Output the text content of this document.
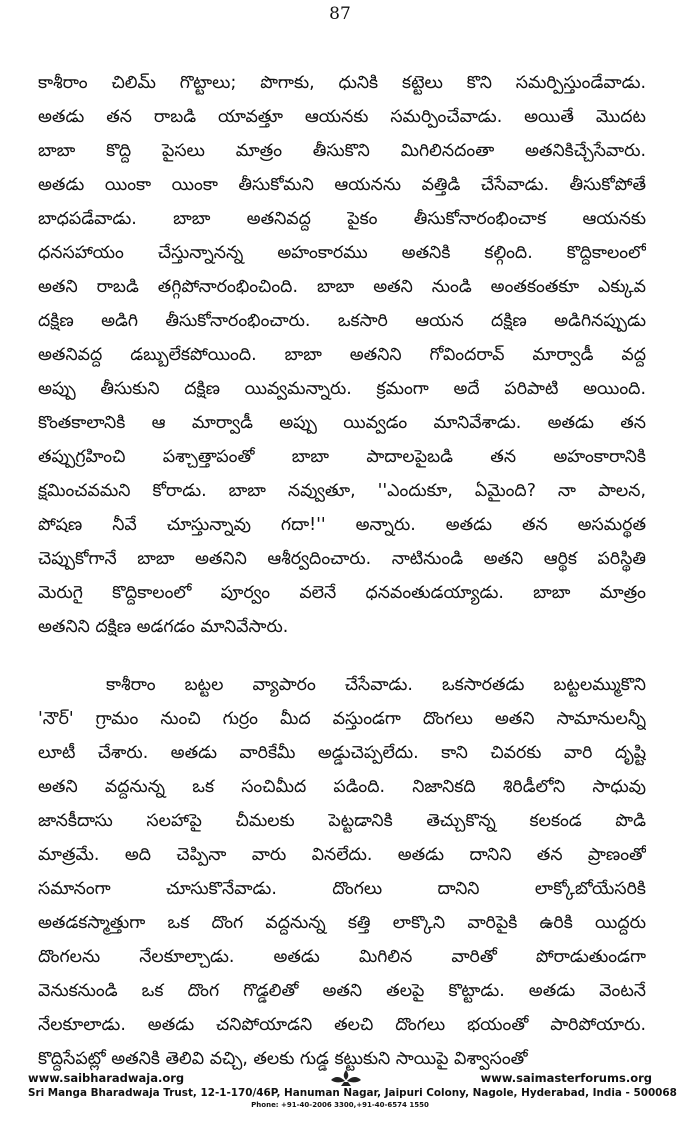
87

కాశీరాం చిలిమ్ గొట్టాలు; పొగాకు, ధునికి కట్టెలు కొని సమర్పిస్తుండేవాడు.

అతడు తన రాబడి యావత్తూ ఆయనకు సమర్పించేవాడు. అయితే మొదట

బాబా కొద్ది పైసలు మాత్రం తీసుకొని మిగిలినదంతా అతనికిచ్చేసేవారు.

అతడు యింకా యింకా తీసుకోమని ఆయనను వత్తిడి చేసేవాడు. తీసుకోపోతే

బాధపడేవాడు. బాబా అతనివద్ద పైకం తీసుకోనారంభించాక ఆయనకు

ధనసహాయం చేస్తున్నానన్న అహంకారము అతనికి కల్గింది. కొద్దికాలంలో

అతని రాబడి తగ్గిపోనారంభించింది. బాబా అతని నుండి అంతకంతకూ ఎక్కువ

దక్షిణ అడిగి తీసుకోనారంభించారు. ఒకసారి ఆయన దక్షిణ అడిగినప్పుడు

అతనివద్ద డబ్బులేకపోయింది. బాబా అతనిని గోవిందరావ్ మార్వాడీ వద్ద

అప్పు తీసుకుని దక్షిణ యివ్వమన్నారు. క్రమంగా అదే పరిపాటి అయింది.

కొంతకాలానికి ఆ మార్వాడీ అప్పు యివ్వడం మానివేశాడు. అతడు తన

తప్పుగ్రహించి పశ్చాత్తాపంతో బాబా పాదాలపైబడి తన అహంకారానికి

క్షమించవమని కోరాడు. బాబా నవ్వుతూ, ''ఎందుకూ, ఏమైంది? నా పాలన,

పోషణ నీవే చూస్తున్నావు గదా!'' అన్నారు. అతడు తన అసమర్థత

చెప్పుకోగానే బాబా అతనిని ఆశీర్వదించారు. నాటినుండి అతని ఆర్థిక పరిస్థితి

మెరుగై కొద్దికాలంలో పూర్వం వలెనే ధనవంతుడయ్యాడు. బాబా మాత్రం

అతనిని దక్షిణ అడగడం మానివేసారు.

కాశీరాం బట్టల వ్యాపారం చేసేవాడు. ఒకసారతడు బట్టలమ్ముకొని

'నౌర్' గ్రామం నుంచి గుర్రం మీద వస్తుండగా దొంగలు అతని సామానులన్నీ

లూటీ చేశారు. అతడు వారికేమీ అడ్డుచెప్పలేదు. కాని చివరకు వారి దృష్టి

అతని వద్దనున్న ఒక సంచిమీద పడింది. నిజానికది శిరిడీలోని సాధువు

జానకీదాసు సలహాపై చీమలకు పెట్టడానికి తెచ్చుకొన్న కలకండ పొడి

మాత్రమే. అది చెప్పినా వారు వినలేదు. అతడు దానిని తన ప్రాణంతో

సమానంగా చూసుకొనేవాడు. దొంగలు దానిని లాక్కోబోయేసరికి

అతడకస్మాత్తుగా ఒక దొంగ వద్దనున్న కత్తి లాక్కొని వారిపైకి ఉరికి యిద్దరు

దొంగలను నేలకూల్చాడు. అతడు మిగిలిన వారితో పోరాడుతుండగా

వెనుకనుండి ఒక దొంగ గొడ్డలితో అతని తలపై కొట్టాడు. అతడు వెంటనే

నేలకూలాడు. అతడు చనిపోయాడని తలచి దొంగలు భయంతో పారిపోయారు.

కొద్దిసేపట్లో అతనికి తెలివి వచ్చి, తలకు గుడ్డ కట్టుకుని సాయిపై విశ్వాసంతో

www.saibharadwaja.org	www.saimasterforums.org
Sri Manga Bharadwaja Trust, 12-1-170/46P, Hanuman Nagar, Jaipuri Colony, Nagole, Hyderabad, India - 500068
Phone: +91-40-2006 3300,+91-40-6574 1550
